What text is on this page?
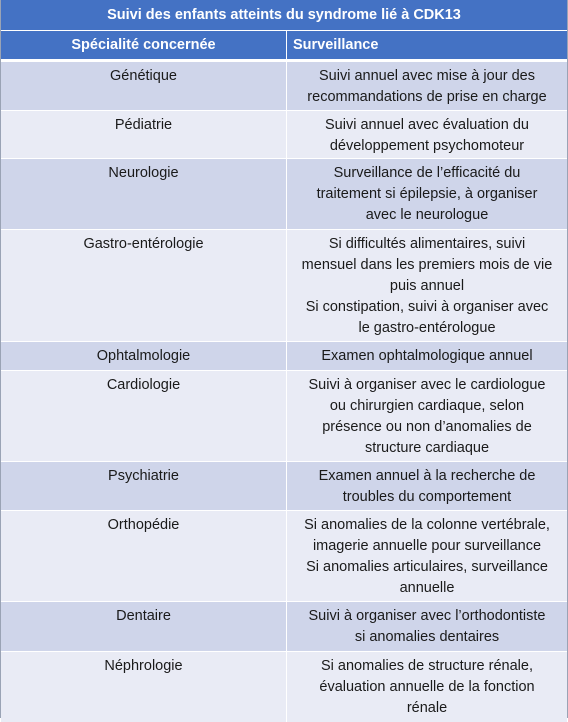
Suivi des enfants atteints du syndrome lié à CDK13
Spécialité concernée	Surveillance
Génétique	Suivi annuel avec mise à jour des
recommandations de prise en charge
Pédiatrie	Suivi annuel avec évaluation du
développement psychomoteur
Neurologie	Surveillance de l’efficacité du
traitement si épilepsie, à organiser
avec le neurologue
Gastro-entérologie	Si difficultés alimentaires, suivi
mensuel dans les premiers mois de vie
puis annuel
Si constipation, suivi à organiser avec
le gastro-entérologue
Ophtalmologie	Examen ophtalmologique annuel
Cardiologie	Suivi à organiser avec le cardiologue
ou chirurgien cardiaque, selon
présence ou non d’anomalies de
structure cardiaque
Psychiatrie	Examen annuel à la recherche de
troubles du comportement
Orthopédie	Si anomalies de la colonne vertébrale,
imagerie annuelle pour surveillance
Si anomalies articulaires, surveillance
annuelle
Dentaire	Suivi à organiser avec l’orthodontiste
si anomalies dentaires
Néphrologie	Si anomalies de structure rénale,
évaluation annuelle de la fonction
rénale
